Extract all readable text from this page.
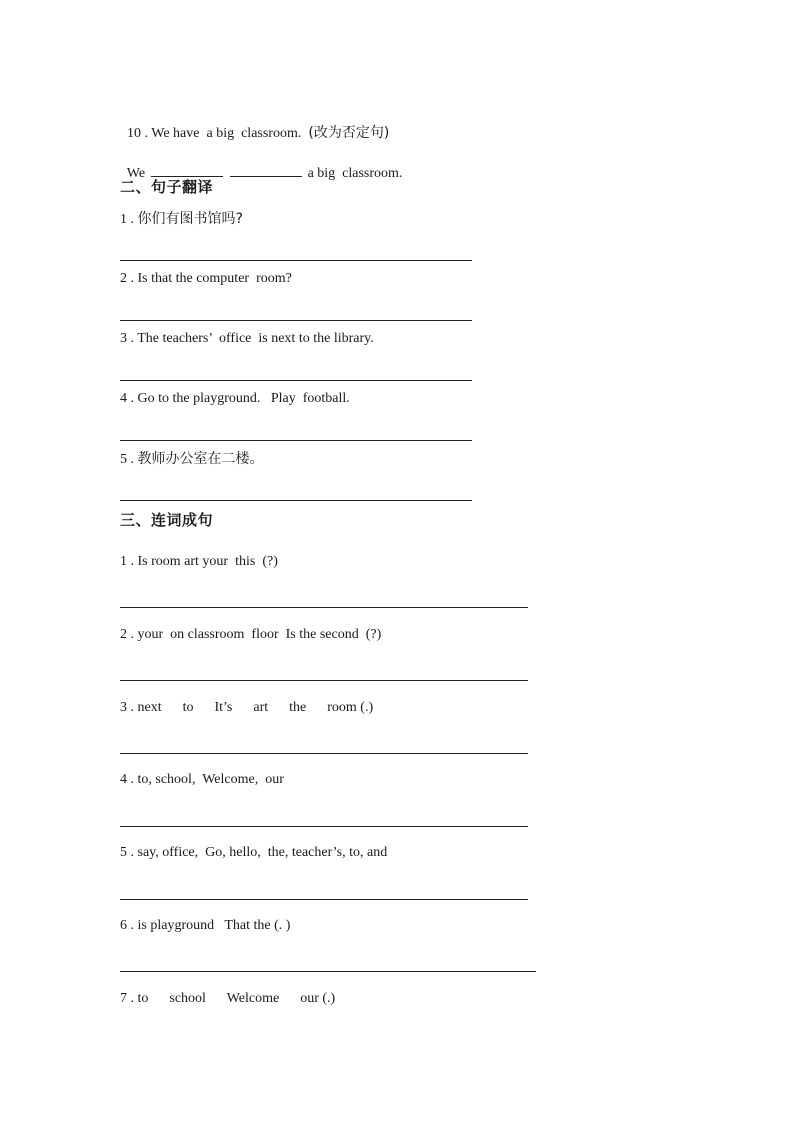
10 . We have  a big  classroom. (改为否定句)

We	a big  classroom.

二、句子翻译
1 . 你们有图书馆吗?
2 . Is that the computer  room?
3 . The teachers’  office  is next to the library.
4 . Go to the playground.   Play  football.
5 . 教师办公室在二楼。
三、连词成句
1 . Is room art your  this  (?)
2 . your  on classroom  floor  Is the second  (?)
3 . next      to      It’s      art      the      room (.)
4 . to, school,  Welcome,  our
5 . say, office,  Go, hello,  the, teacher’s, to, and
6 . is playground   That the (. )
7 . to      school      Welcome      our (.)
